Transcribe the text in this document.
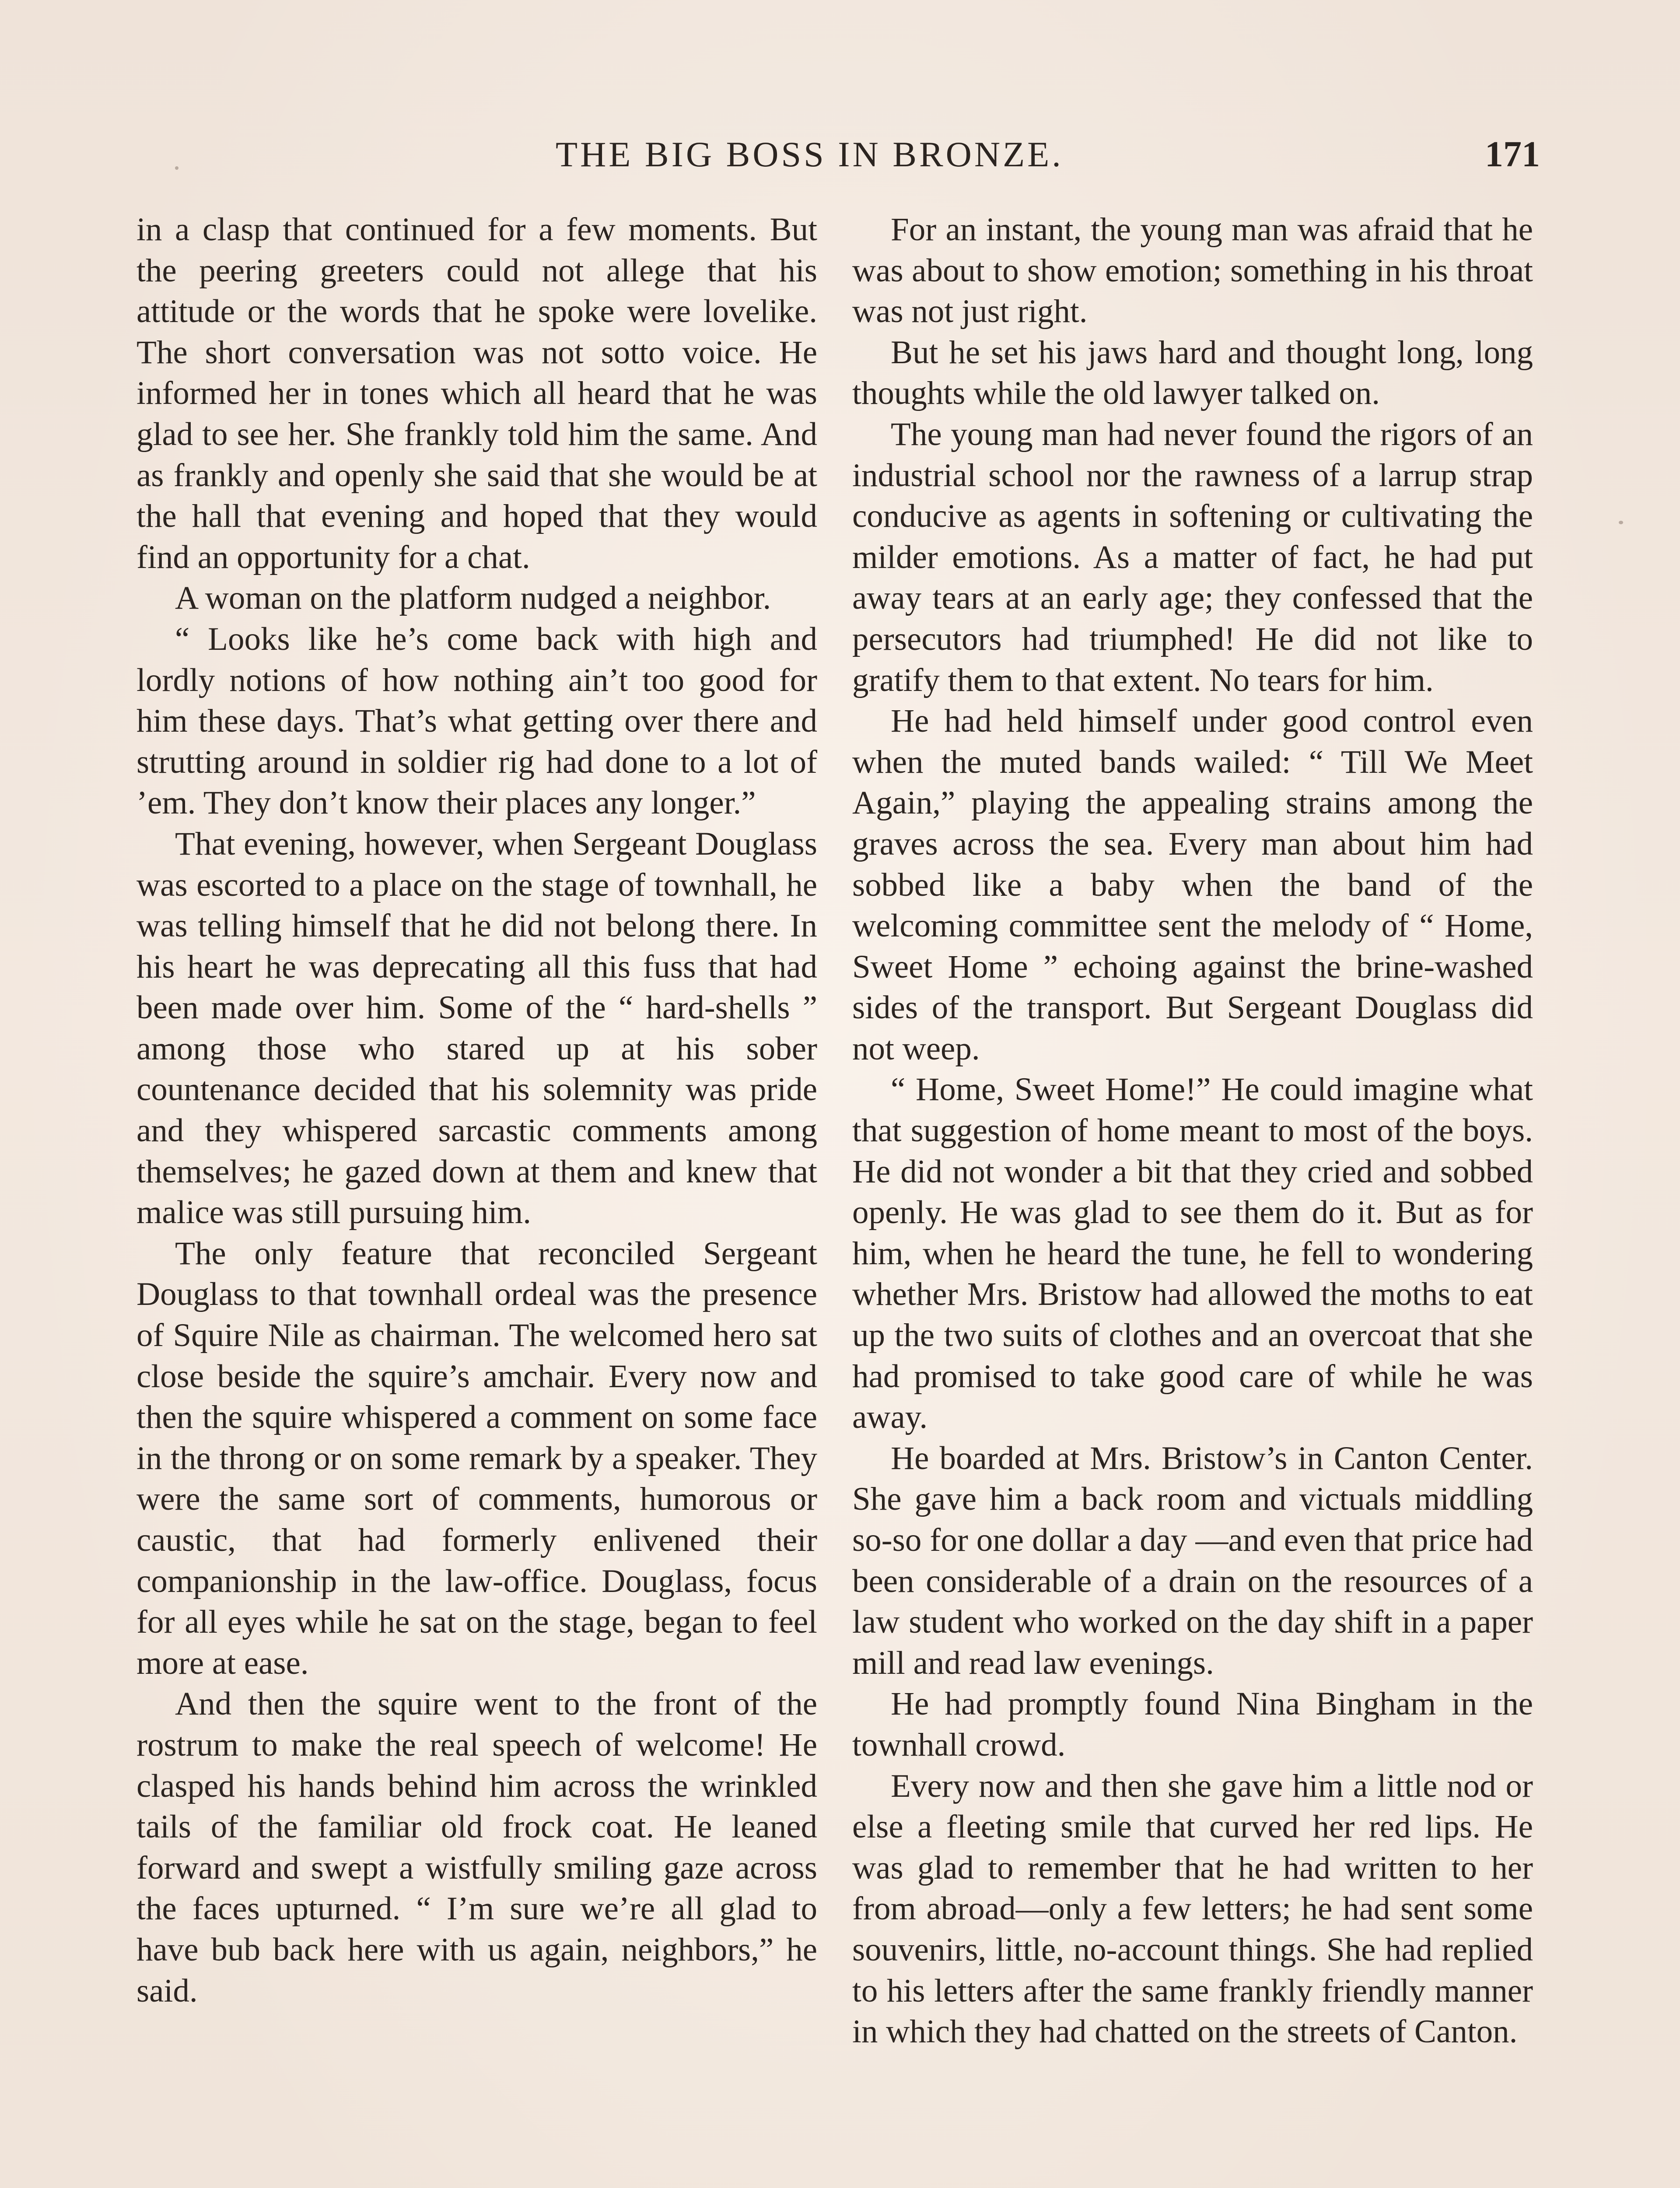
THE BIG BOSS IN BRONZE.	171

in a clasp that continued for a few moments. But the peering greeters could not allege that his attitude or the words that he spoke were lovelike. The short conversation was not sotto voice. He informed her in tones which all heard that he was glad to see her. She frankly told him the same. And as frankly and openly she said that she would be at the hall that evening and hoped that they would find an opportunity for a chat.

A woman on the platform nudged a neighbor.

“ Looks like he’s come back with high and lordly notions of how nothing ain’t too good for him these days. That’s what getting over there and strutting around in soldier rig had done to a lot of ’em. They don’t know their places any longer.”

That evening, however, when Sergeant Douglass was escorted to a place on the stage of townhall, he was telling himself that he did not belong there. In his heart he was deprecating all this fuss that had been made over him. Some of the “ hard-shells ” among those who stared up at his sober countenance decided that his solemnity was pride and they whispered sarcastic comments among themselves; he gazed down at them and knew that malice was still pursuing him.

The only feature that reconciled Sergeant Douglass to that townhall ordeal was the presence of Squire Nile as chairman. The welcomed hero sat close beside the squire’s amchair. Every now and then the squire whispered a comment on some face in the throng or on some remark by a speaker. They were the same sort of comments, humorous or caustic, that had formerly enlivened their companionship in the law-office. Douglass, focus for all eyes while he sat on the stage, began to feel more at ease.

And then the squire went to the front of the rostrum to make the real speech of welcome! He clasped his hands behind him across the wrinkled tails of the familiar old frock coat. He leaned forward and swept a wistfully smiling gaze across the faces upturned. “ I’m sure we’re all glad to have bub back here with us again, neighbors,” he said.

For an instant, the young man was afraid that he was about to show emotion; something in his throat was not just right.

But he set his jaws hard and thought long, long thoughts while the old lawyer talked on.

The young man had never found the rigors of an industrial school nor the rawness of a larrup strap conducive as agents in softening or cultivating the milder emotions. As a matter of fact, he had put away tears at an early age; they confessed that the persecutors had triumphed! He did not like to gratify them to that extent. No tears for him.

He had held himself under good control even when the muted bands wailed: “ Till We Meet Again,” playing the appealing strains among the graves across the sea. Every man about him had sobbed like a baby when the band of the welcoming committee sent the melody of “ Home, Sweet Home ” echoing against the brine-washed sides of the transport. But Sergeant Douglass did not weep.

“ Home, Sweet Home!” He could imagine what that suggestion of home meant to most of the boys. He did not wonder a bit that they cried and sobbed openly. He was glad to see them do it. But as for him, when he heard the tune, he fell to wondering whether Mrs. Bristow had allowed the moths to eat up the two suits of clothes and an overcoat that she had promised to take good care of while he was away.

He boarded at Mrs. Bristow’s in Canton Center. She gave him a back room and victuals middling so-so for one dollar a day —and even that price had been considerable of a drain on the resources of a law student who worked on the day shift in a paper mill and read law evenings.

He had promptly found Nina Bingham in the townhall crowd.

Every now and then she gave him a little nod or else a fleeting smile that curved her red lips. He was glad to remember that he had written to her from abroad—only a few letters; he had sent some souvenirs, little, no-account things. She had replied to his letters after the same frankly friendly manner in which they had chatted on the streets of Canton.
